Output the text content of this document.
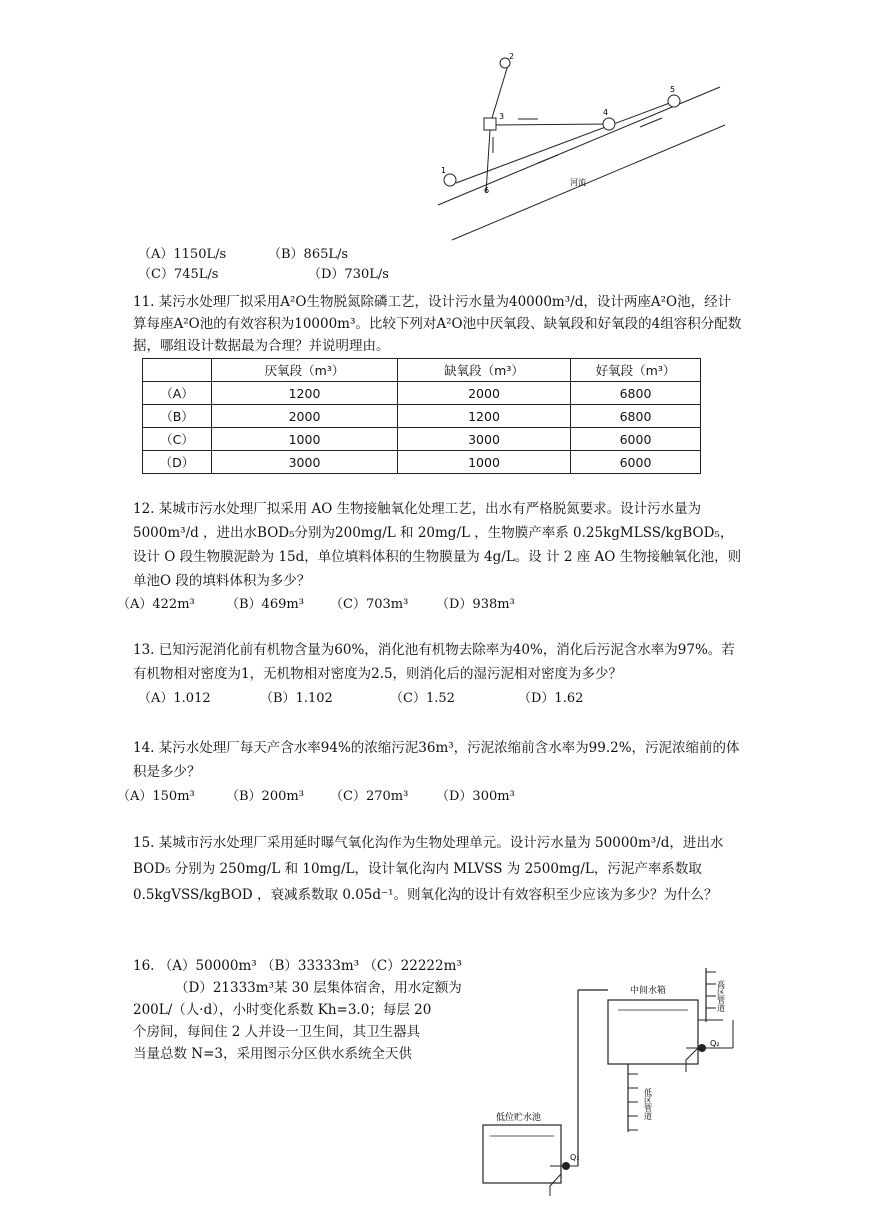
1
2
3	4
5
6
河流
（A）1150L/s	（B）865L/s
（C）745L/s	（D）730L/s
11. 某污水处理厂拟采用A²O生物脱氮除磷工艺，设计污水量为40000m³/d，设计两座A²O池，经计算每座A²O池的有效容积为10000m³。比较下列对A²O池中厌氧段、缺氧段和好氧段的4组容积分配数据，哪组设计数据最为合理？并说明理由。
	厌氧段（m³）	缺氧段（m³）	好氧段（m³）
（A）	1200	2000	6800
（B）	2000	1200	6800
（C）	1000	3000	6000
（D）	3000	1000	6000
12. 某城市污水处理厂拟采用 AO 生物接触氧化处理工艺，出水有严格脱氮要求。设计污水量为 5000m³/d ，进出水BOD₅分别为200mg/L 和 20mg/L ，生物膜产率系 0.25kgMLSS/kgBOD₅，设计 O 段生物膜泥龄为 15d，单位填料体积的生物膜量为 4g/L。设 计 2 座 AO 生物接触氧化池，则单池O 段的填料体积为多少？
（A）422m³ （B）469m³ （C）703m³ （D）938m³
13. 已知污泥消化前有机物含量为60%，消化池有机物去除率为40%，消化后污泥含水率为97%。若有机物相对密度为1，无机物相对密度为2.5，则消化后的湿污泥相对密度为多少？
（A）1.012	（B）1.102	（C）1.52	（D）1.62
14. 某污水处理厂每天产含水率94%的浓缩污泥36m³，污泥浓缩前含水率为99.2%，污泥浓缩前的体积是多少？
（A）150m³ （B）200m³ （C）270m³ （D）300m³
15. 某城市污水处理厂采用延时曝气氧化沟作为生物处理单元。设计污水量为 50000m³/d，进出水 BOD₅ 分别为 250mg/L 和 10mg/L，设计氧化沟内 MLVSS 为 2500mg/L，污泥产率系数取 0.5kgVSS/kgBOD ，衰减系数取 0.05d⁻¹。则氧化沟的设计有效容积至少应该为多少？为什么？
16. （A）50000m³ （B）33333m³ （C）22222m³
（D）21333m³某 30 层集体宿舍，用水定额为
200L/（人·d），小时变化系数 Kh=3.0；每层 20
个房间，每间住 2 人并设一卫生间，其卫生器具
当量总数 N=3，采用图示分区供水系统全天供
中间水箱	高区管道
Q₂
低区管道
低位贮水池
Q₁
